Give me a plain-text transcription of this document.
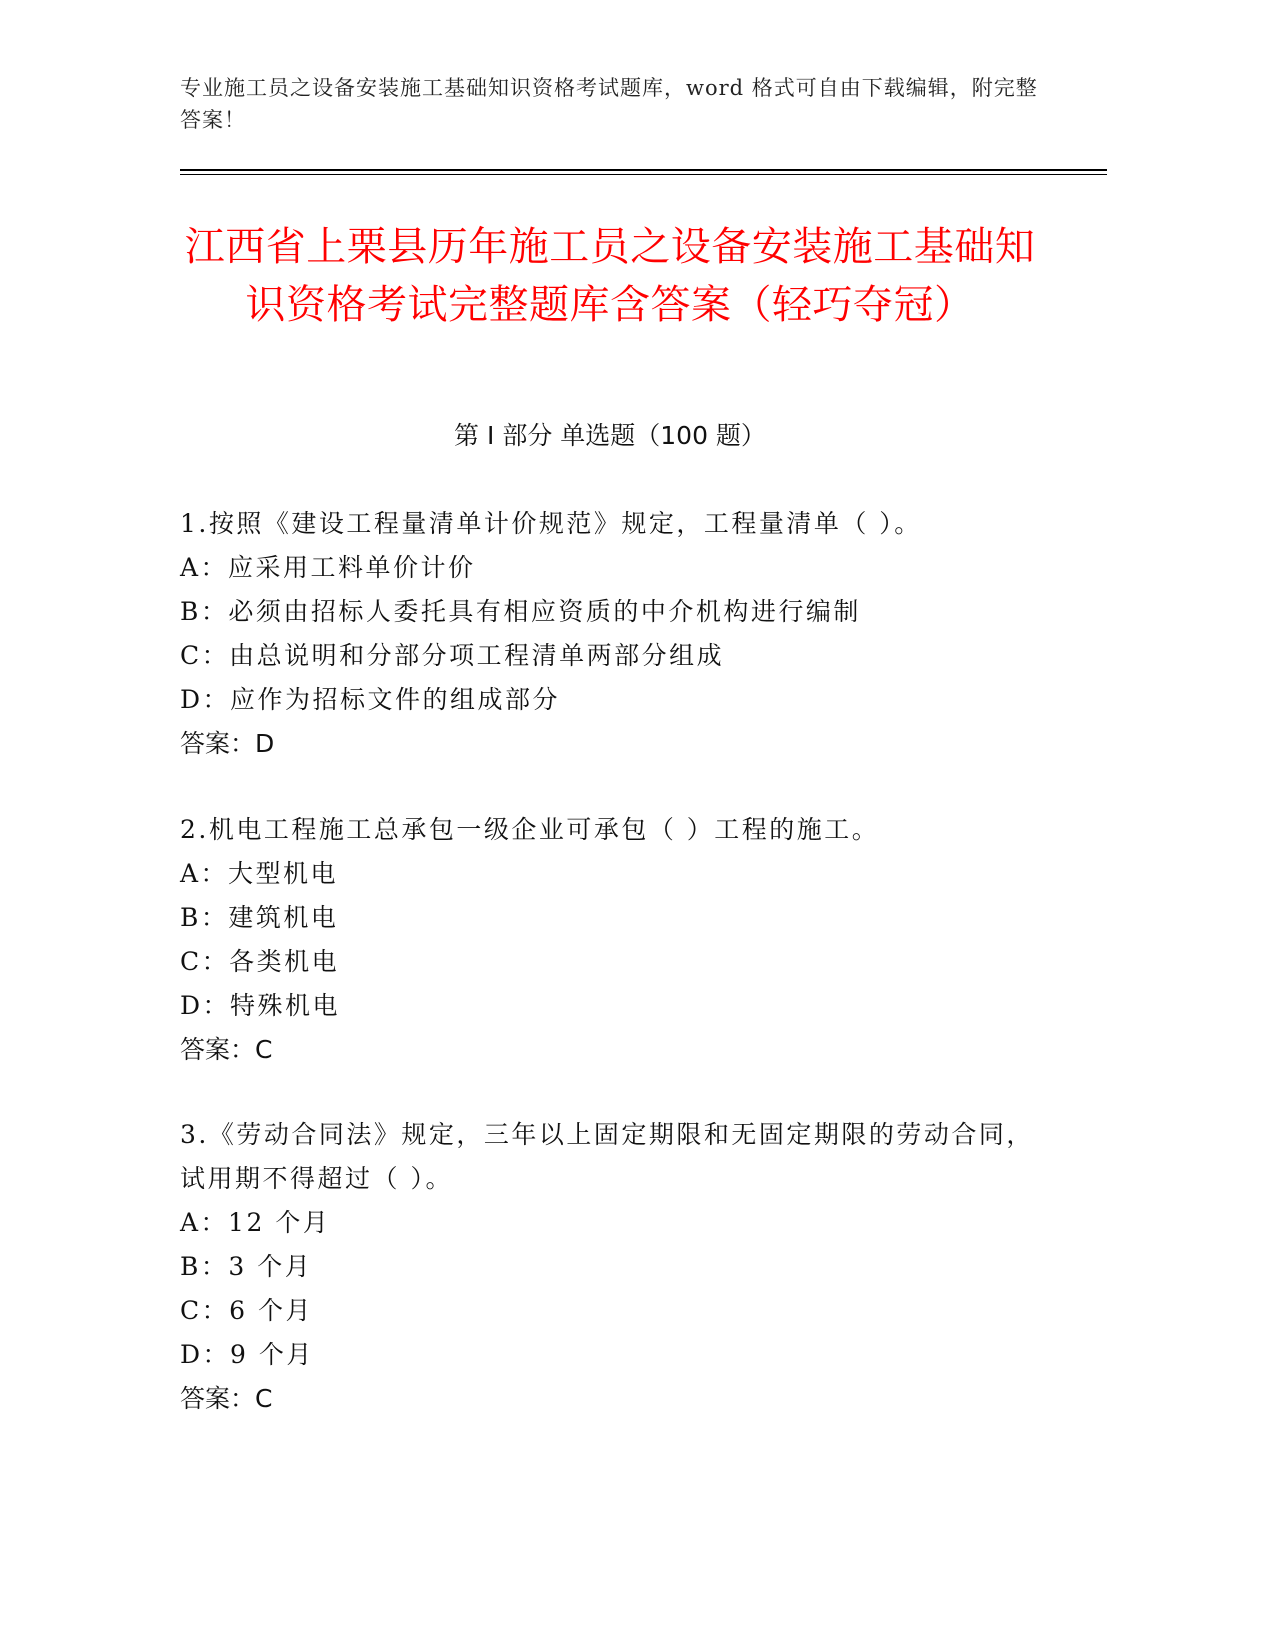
专业施工员之设备安装施工基础知识资格考试题库，word 格式可自由下载编辑，附完整答案！
江西省上栗县历年施工员之设备安装施工基础知识资格考试完整题库含答案（轻巧夺冠）
第 I 部分 单选题（100 题）
1.按照《建设工程量清单计价规范》规定，工程量清单（ ）。
A：应采用工料单价计价
B：必须由招标人委托具有相应资质的中介机构进行编制
C：由总说明和分部分项工程清单两部分组成
D：应作为招标文件的组成部分
答案：D
2.机电工程施工总承包一级企业可承包（ ）工程的施工。
A：大型机电
B：建筑机电
C：各类机电
D：特殊机电
答案：C
3.《劳动合同法》规定，三年以上固定期限和无固定期限的劳动合同，试用期不得超过（ ）。
A：12 个月
B：3 个月
C：6 个月
D：9 个月
答案：C
